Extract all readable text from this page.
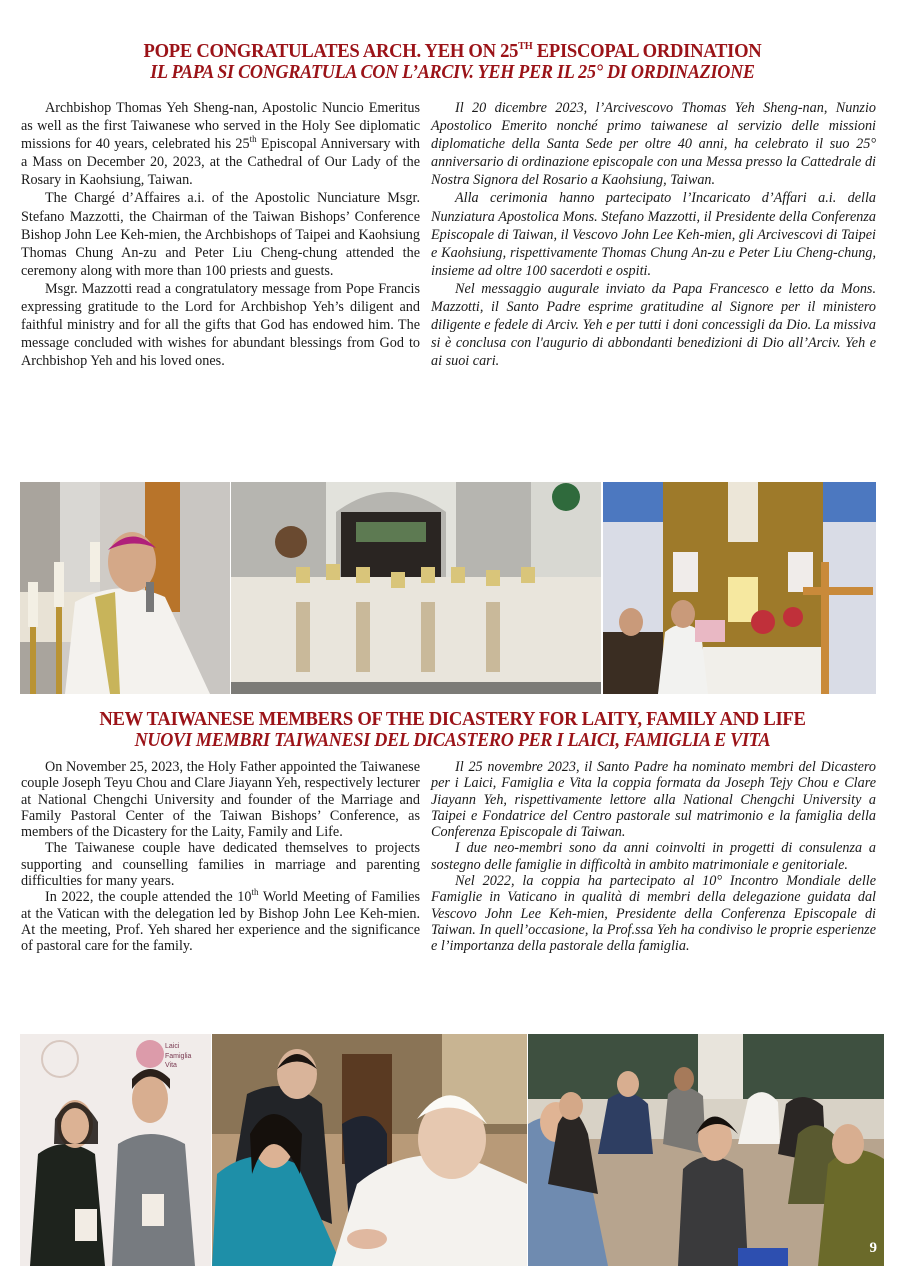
POPE CONGRATULATES ARCH. YEH ON 25TH EPISCOPAL ORDINATION
IL PAPA SI CONGRATULA CON L’ARCIV. YEH PER IL 25° DI ORDINAZIONE

Archbishop Thomas Yeh Sheng-nan, Apostolic Nuncio Emeritus as well as the first Taiwanese who served in the Holy See diplomatic missions for 40 years, celebrated his 25th Episcopal Anniversary with a Mass on December 20, 2023, at the Cathedral of Our Lady of the Rosary in Kaohsiung, Taiwan.

The Chargé d’Affaires a.i. of the Apostolic Nunciature Msgr. Stefano Mazzotti, the Chairman of the Taiwan Bishops’ Conference Bishop John Lee Keh-mien, the Archbishops of Taipei and Kaohsiung Thomas Chung An-zu and Peter Liu Cheng-chung attended the ceremony along with more than 100 priests and guests.

Msgr. Mazzotti read a congratulatory message from Pope Francis expressing gratitude to the Lord for Archbishop Yeh’s diligent and faithful ministry and for all the gifts that God has endowed him. The message concluded with wishes for abundant blessings from God to Archbishop Yeh and his loved ones.

Il 20 dicembre 2023, l’Arcivescovo Thomas Yeh Sheng-nan, Nunzio Apostolico Emerito nonché primo taiwanese al servizio delle missioni diplomatiche della Santa Sede per oltre 40 anni, ha celebrato il suo 25° anniversario di ordinazione episcopale con una Messa presso la Cattedrale di Nostra Signora del Rosario a Kaohsiung, Taiwan.

Alla cerimonia hanno partecipato l’Incaricato d’Affari a.i. della Nunziatura Apostolica Mons. Stefano Mazzotti, il Presidente della Conferenza Episcopale di Taiwan, il Vescovo John Lee Keh-mien, gli Arcivescovi di Taipei e Kaohsiung, rispettivamente Thomas Chung An-zu e Peter Liu Cheng-chung, insieme ad oltre 100 sacerdoti e ospiti.

Nel messaggio augurale inviato da Papa Francesco e letto da Mons. Mazzotti, il Santo Padre esprime gratitudine al Signore per il ministero diligente e fedele di Arciv. Yeh e per tutti i doni concessigli da Dio. La missiva si è conclusa con l'augurio di abbondanti benedizioni di Dio all’Arciv. Yeh e ai suoi cari.

NEW TAIWANESE MEMBERS OF THE DICASTERY FOR LAITY, FAMILY AND LIFE
NUOVI MEMBRI TAIWANESI DEL DICASTERO PER I LAICI, FAMIGLIA E VITA

On November 25, 2023, the Holy Father appointed the Taiwanese couple Joseph Teyu Chou and Clare Jiayann Yeh, respectively lecturer at National Chengchi University and founder of the Marriage and Family Pastoral Center of the Taiwan Bishops’ Conference, as members of the Dicastery for the Laity, Family and Life.

The Taiwanese couple have dedicated themselves to projects supporting and counselling families in marriage and parenting difficulties for many years.

In 2022, the couple attended the 10th World Meeting of Families at the Vatican with the delegation led by Bishop John Lee Keh-mien. At the meeting, Prof. Yeh shared her experience and the significance of pastoral care for the family.

Il 25 novembre 2023, il Santo Padre ha nominato membri del Dicastero per i Laici, Famiglia e Vita la coppia formata da Joseph Tejy Chou e Clare Jiayann Yeh, rispettivamente lettore alla National Chengchi University a Taipei e Fondatrice del Centro pastorale sul matrimonio e la famiglia della Conferenza Episcopale di Taiwan.

I due neo-membri sono da anni coinvolti in progetti di consulenza a sostegno delle famiglie in difficoltà in ambito matrimoniale e genitoriale.

Nel 2022, la coppia ha partecipato al 10° Incontro Mondiale delle Famiglie in Vaticano in qualità di membri della delegazione guidata dal Vescovo John Lee Keh-mien, Presidente della Conferenza Episcopale di Taiwan. In quell’occasione, la Prof.ssa Yeh ha condiviso le proprie esperienze e l’importanza della pastorale della famiglia.

Laici
Famiglia
Vita
9
